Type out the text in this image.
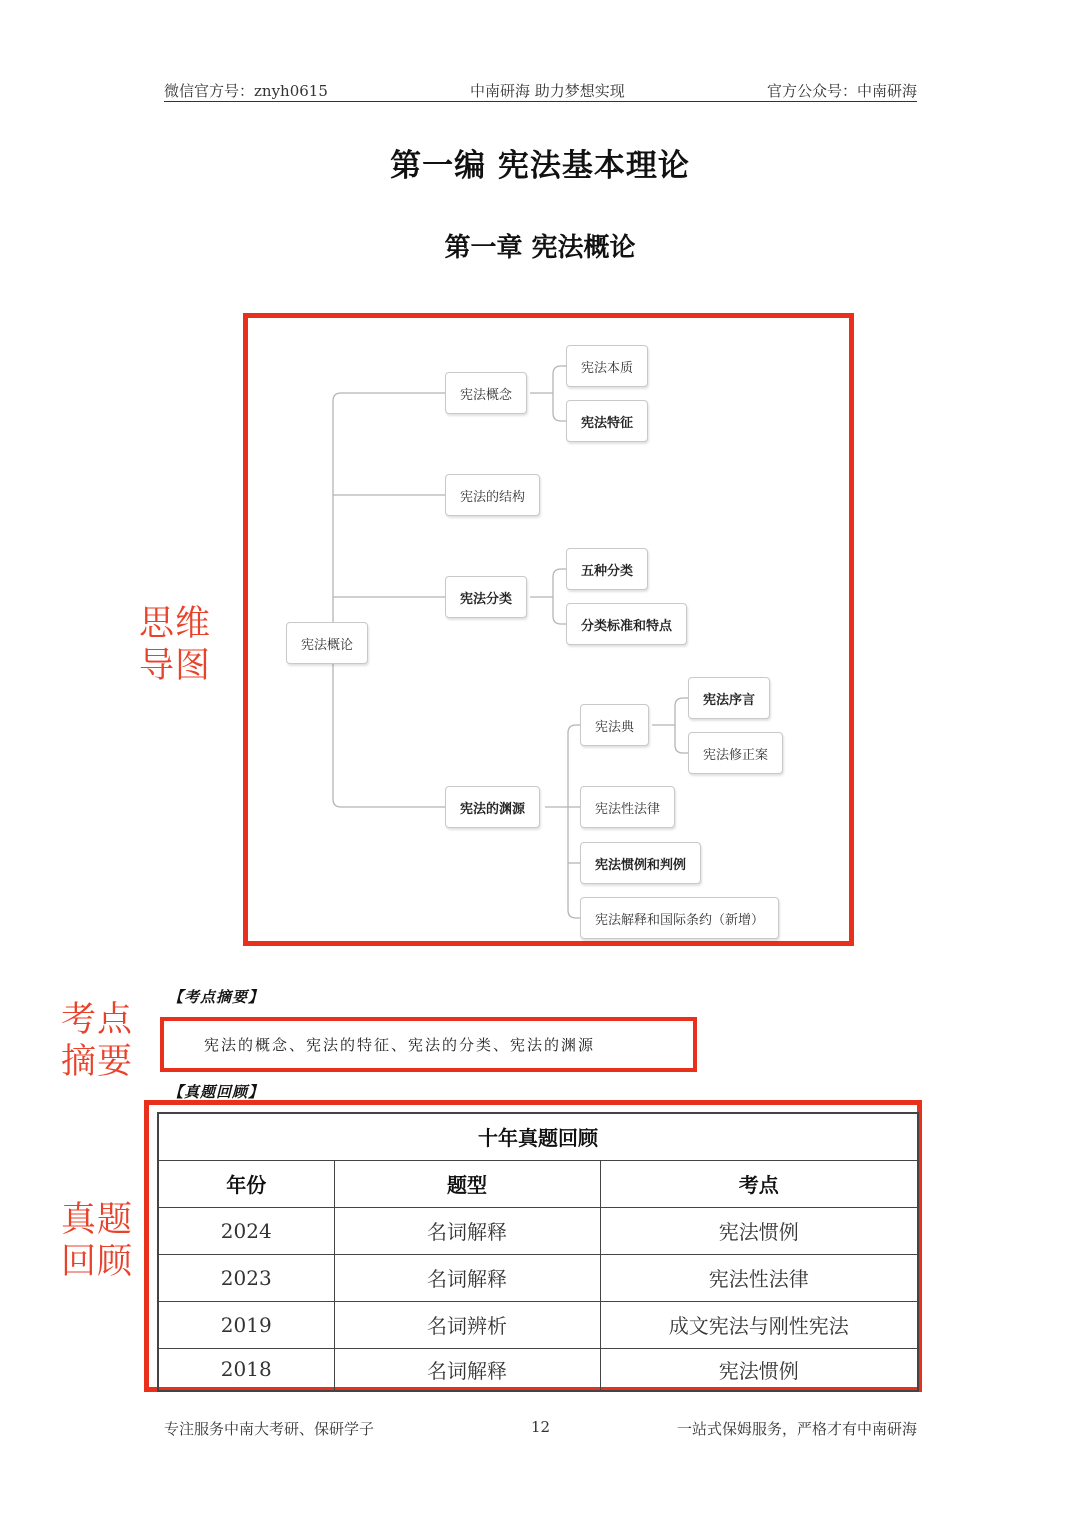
微信官方号：znyh0615	中南研海 助力梦想实现	官方公众号：中南研海
第一编 宪法基本理论
第一章 宪法概论
思维
导图
考点
摘要
真题
回顾
宪法概论
宪法概念
宪法本质
宪法特征
宪法的结构
宪法分类
五种分类
分类标准和特点
宪法的渊源
宪法典
宪法序言
宪法修正案
宪法性法律
宪法惯例和判例
宪法解释和国际条约（新增）
【考点摘要】
宪法的概念、宪法的特征、宪法的分类、宪法的渊源
【真题回顾】
十年真题回顾		
年份	题型	考点
2024	名词解释	宪法惯例
2023	名词解释	宪法性法律
2019	名词辨析	成文宪法与刚性宪法
2018	名词解释	宪法惯例
专注服务中南大考研、保研学子	12	一站式保姆服务，严格才有中南研海
